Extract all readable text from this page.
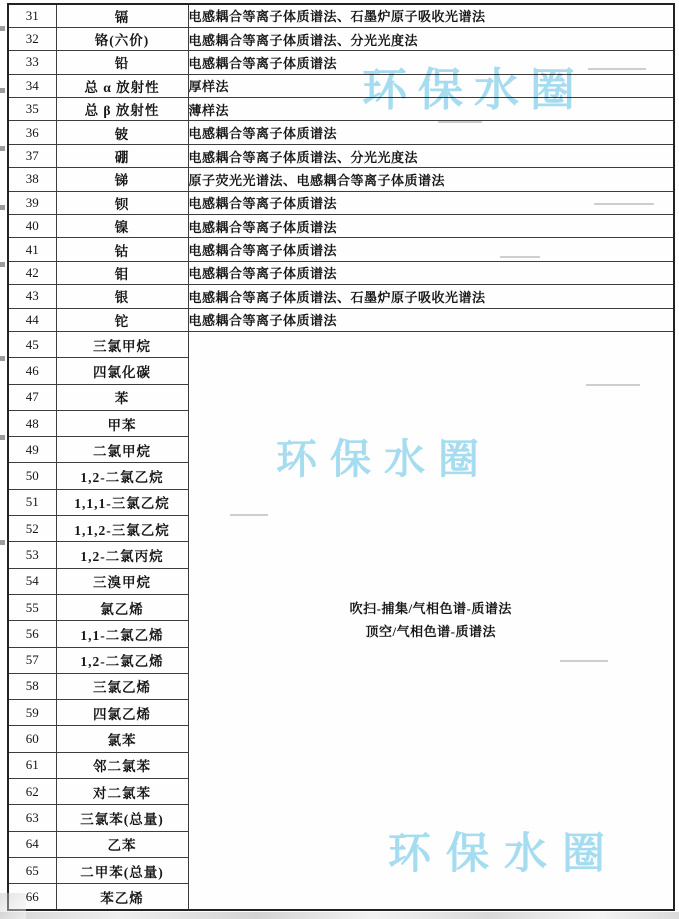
31	镉	电感耦合等离子体质谱法、石墨炉原子吸收光谱法
32	铬(六价)	电感耦合等离子体质谱法、分光光度法
33	铅	电感耦合等离子体质谱法
34	总 α 放射性	厚样法
35	总 β 放射性	薄样法
36	铍	电感耦合等离子体质谱法
37	硼	电感耦合等离子体质谱法、分光光度法
38	锑	原子荧光光谱法、电感耦合等离子体质谱法
39	钡	电感耦合等离子体质谱法
40	镍	电感耦合等离子体质谱法
41	钴	电感耦合等离子体质谱法
42	钼	电感耦合等离子体质谱法
43	银	电感耦合等离子体质谱法、石墨炉原子吸收光谱法
44	铊	电感耦合等离子体质谱法
45	三氯甲烷	吹扫-捕集/气相色谱-质谱法
顶空/气相色谱-质谱法

46	四氯化碳	
47	苯	
48	甲苯	
49	二氯甲烷	
50	1,2-二氯乙烷	
51	1,1,1-三氯乙烷	
52	1,1,2-三氯乙烷	
53	1,2-二氯丙烷	
54	三溴甲烷	
55	氯乙烯	
56	1,1-二氯乙烯	
57	1,2-二氯乙烯	
58	三氯乙烯	
59	四氯乙烯	
60	氯苯	
61	邻二氯苯	
62	对二氯苯	
63	三氯苯(总量)	
64	乙苯	
65	二甲苯(总量)	
66	苯乙烯	
环保水圈
环保水圈
环保水圈
